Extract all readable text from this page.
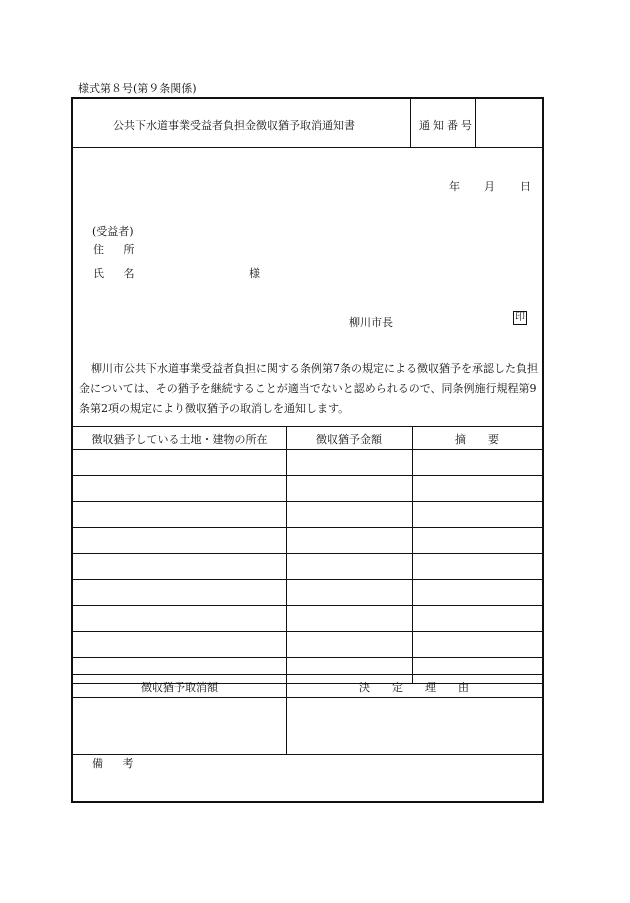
様式第８号(第９条関係)
公共下水道事業受益者負担金徴収猶予取消通知書	通知番号
年 月 日
(受益者)
住 所
氏 名	様
柳川市長	印
柳川市公共下水道事業受益者負担に関する条例第7条の規定による徴収猶予を承認した負担金については、その猶予を継続することが適当でないと認められるので、同条例施行規程第9条第2項の規定により徴収猶予の取消しを通知します。
徴収猶予している土地・建物の所在	徴収猶予金額	摘　　要
徴収猶予取消額	決　　定　　理　　由
備 考
